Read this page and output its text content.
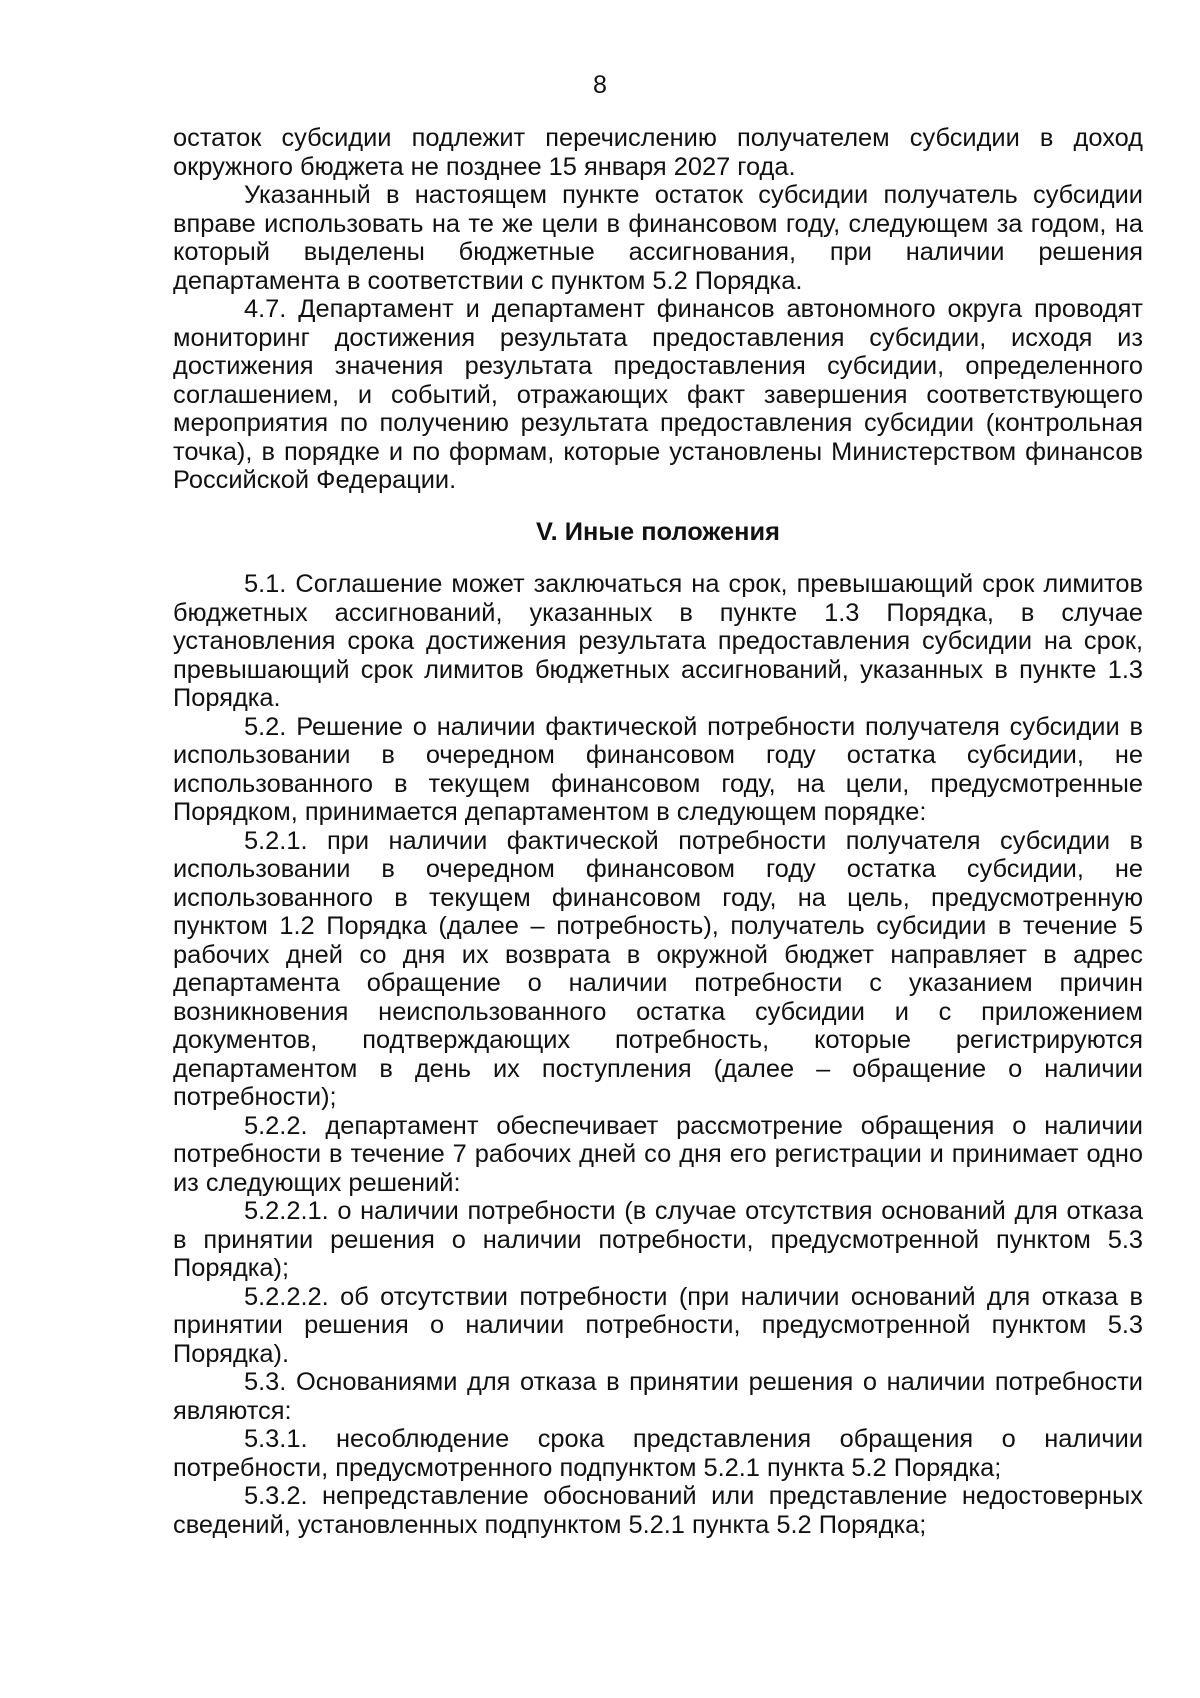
8

остаток субсидии подлежит перечислению получателем субсидии в доход окружного бюджета не позднее 15 января 2027 года.

Указанный в настоящем пункте остаток субсидии получатель субсидии вправе использовать на те же цели в финансовом году, следующем за годом, на который выделены бюджетные ассигнования, при наличии решения департамента в соответствии с пунктом 5.2 Порядка.

4.7. Департамент и департамент финансов автономного округа проводят мониторинг достижения результата предоставления субсидии, исходя из достижения значения результата предоставления субсидии, определенного соглашением, и событий, отражающих факт завершения соответствующего мероприятия по получению результата предоставления субсидии (контрольная точка), в порядке и по формам, которые установлены Министерством финансов Российской Федерации.

V. Иные положения

5.1. Соглашение может заключаться на срок, превышающий срок лимитов бюджетных ассигнований, указанных в пункте 1.3 Порядка, в случае установления срока достижения результата предоставления субсидии на срок, превышающий срок лимитов бюджетных ассигнований, указанных в пункте 1.3 Порядка.

5.2. Решение о наличии фактической потребности получателя субсидии в использовании в очередном финансовом году остатка субсидии, не использованного в текущем финансовом году, на цели, предусмотренные Порядком, принимается департаментом в следующем порядке:

5.2.1. при наличии фактической потребности получателя субсидии в использовании в очередном финансовом году остатка субсидии, не использованного в текущем финансовом году, на цель, предусмотренную пунктом 1.2 Порядка (далее – потребность), получатель субсидии в течение 5 рабочих дней со дня их возврата в окружной бюджет направляет в адрес департамента обращение о наличии потребности с указанием причин возникновения неиспользованного остатка субсидии и с приложением документов, подтверждающих потребность, которые регистрируются департаментом в день их поступления (далее – обращение о наличии потребности);

5.2.2. департамент обеспечивает рассмотрение обращения о наличии потребности в течение 7 рабочих дней со дня его регистрации и принимает одно из следующих решений:

5.2.2.1. о наличии потребности (в случае отсутствия оснований для отказа в принятии решения о наличии потребности, предусмотренной пунктом 5.3 Порядка);

5.2.2.2. об отсутствии потребности (при наличии оснований для отказа в принятии решения о наличии потребности, предусмотренной пунктом 5.3 Порядка).

5.3. Основаниями для отказа в принятии решения о наличии потребности являются:

5.3.1. несоблюдение срока представления обращения о наличии потребности, предусмотренного подпунктом 5.2.1 пункта 5.2 Порядка;

5.3.2. непредставление обоснований или представление недостоверных сведений, установленных подпунктом 5.2.1 пункта 5.2 Порядка;
